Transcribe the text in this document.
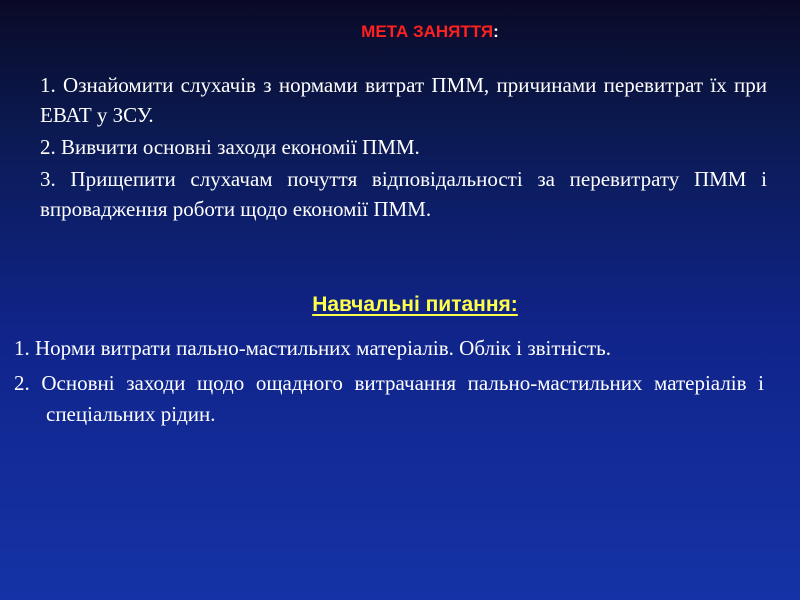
МЕТА ЗАНЯТТЯ:

1. Ознайомити слухачів з нормами витрат ПММ, причинами перевитрат їх при ЕВАТ у ЗСУ.

2. Вивчити основні заходи економії ПММ.

3. Прищепити слухачам почуття відповідальності за перевитрату ПММ і впровадження роботи щодо економії ПММ.

Навчальні питання:

1. Норми витрати пально-мастильних матеріалів. Облік і звітність.

2. Основні заходи щодо ощадного витрачання пально-мастильних матеріалів і спеціальних рідин.
